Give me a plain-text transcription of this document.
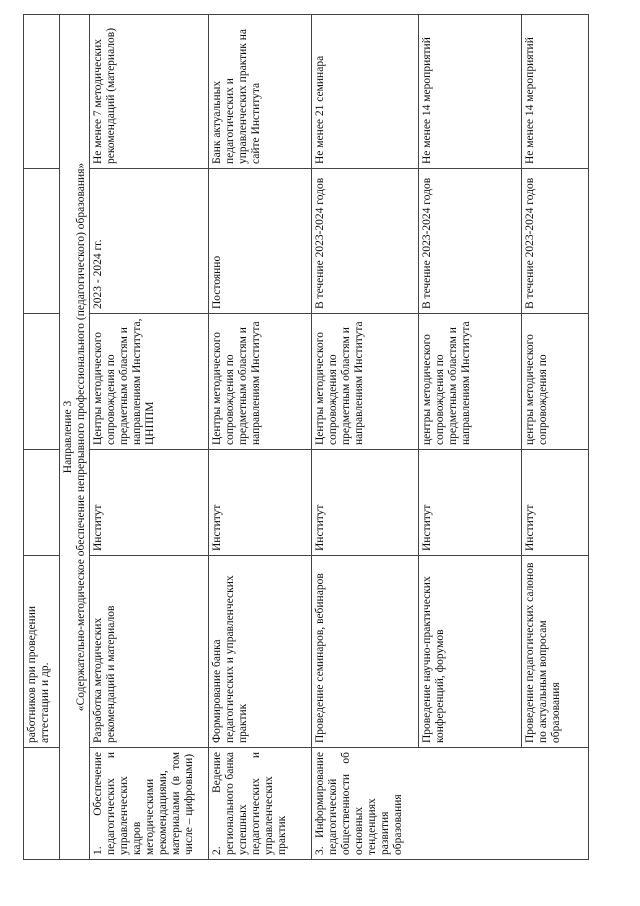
	работников при проведении аттестации и др.				

Направление 3 «Содержательно-методическое обеспечение непрерывного профессионального (педагогического) образования»					

1. Обеспечение педагогических и управленческих кадров методическими рекомендациями, материалами (в том числе – цифровыми)	Разработка методических рекомендаций и материалов	Институт	Центры методического сопровождения по предметным областям и направлениям Института, ЦНППМ	2023 - 2024 гг.	Не менее 7 методических рекомендаций (материалов)
2. Ведение регионального банка успешных педагогических и управленческих практик	Формирование банка педагогических и управленческих практик	Институт	Центры методического сопровождения по предметным областям и направлениям Института	Постоянно	Банк актуальных педагогических и управленческих практик на сайте Института
3. Информирование педагогической общественности об основных тенденциях развития образования	Проведение семинаров, вебинаров	Институт	Центры методического сопровождения по предметным областям и направлениям Института	В течение 2023-2024 годов	Не менее 21 семинара
	Проведение научно-практических конференций, форумов	Институт	центры методического сопровождения по предметным областям и направлениям Института	В течение 2023-2024 годов	Не менее 14 мероприятий
	Проведение педагогических салонов по актуальным вопросам образования	Институт	центры методического сопровождения по	В течение 2023-2024 годов	Не менее 14 мероприятий
